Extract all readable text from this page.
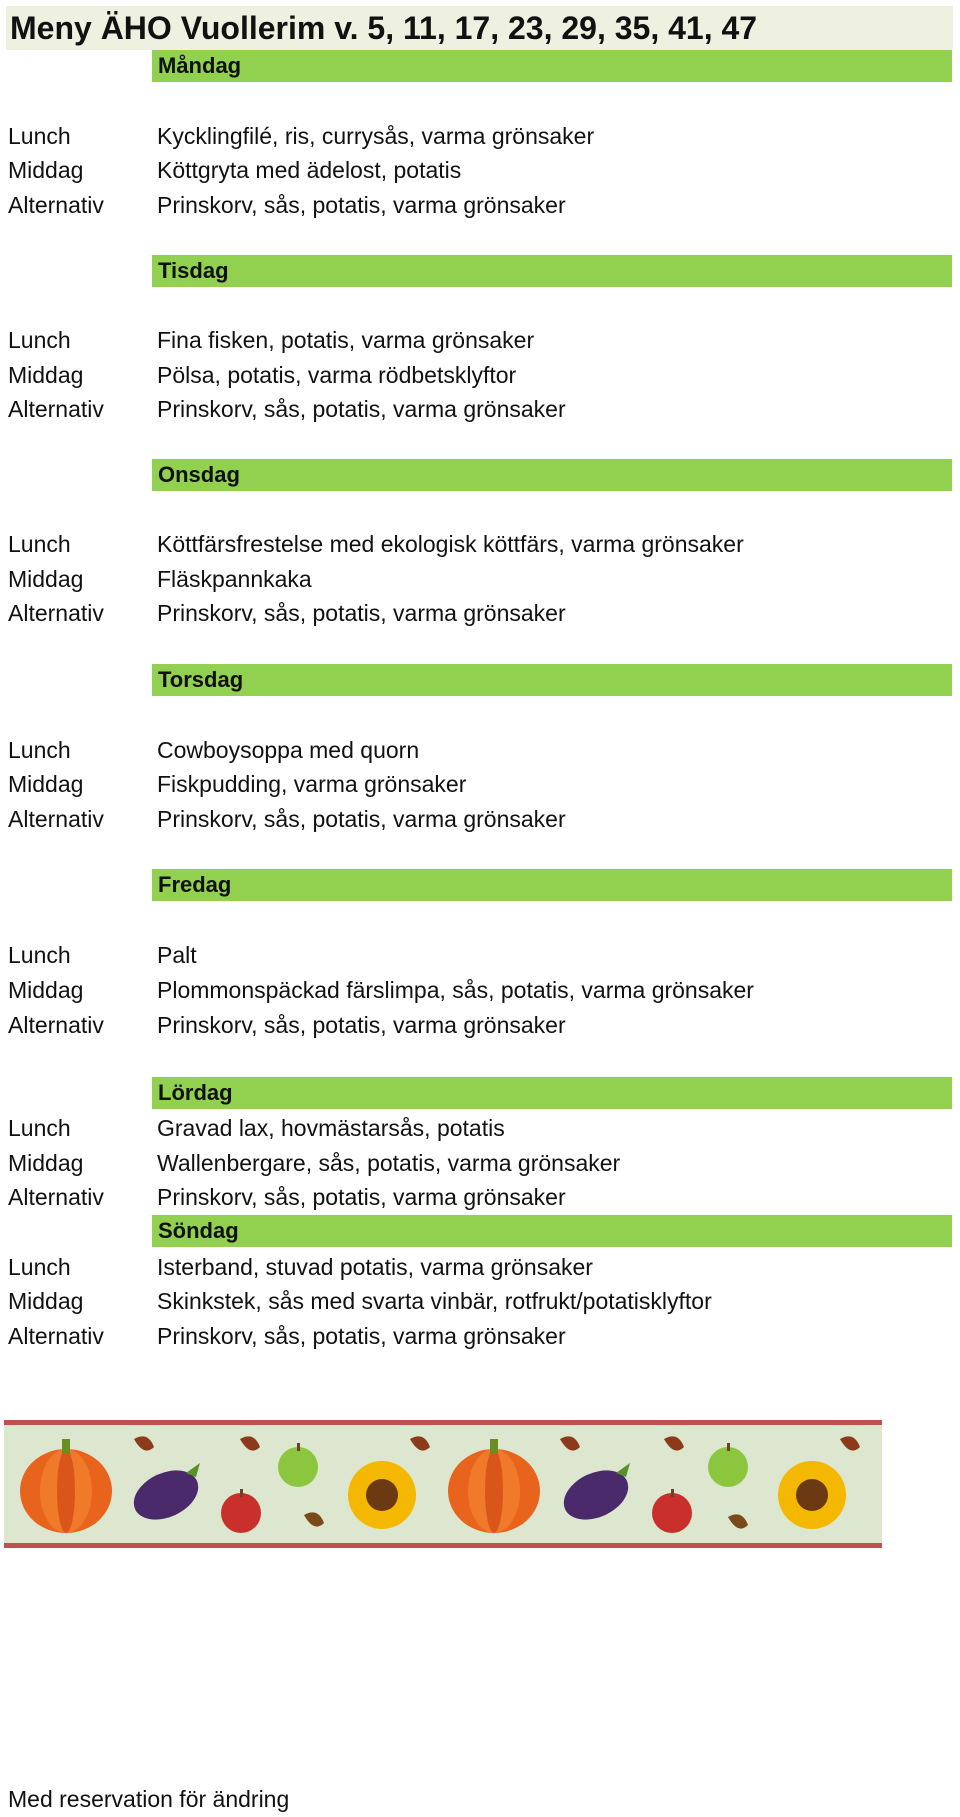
Meny ÄHO Vuollerim v. 5, 11, 17, 23, 29, 35, 41, 47
Måndag
Lunch	Kycklingfilé, ris, currysås, varma grönsaker
Middag	Köttgryta med ädelost, potatis
Alternativ Prinskorv, sås, potatis, varma grönsaker
Tisdag
Lunch	Fina fisken, potatis, varma grönsaker
Middag	Pölsa, potatis, varma rödbetsklyftor
Alternativ Prinskorv, sås, potatis, varma grönsaker
Onsdag
Lunch	Köttfärsfrestelse med ekologisk köttfärs, varma grönsaker
Middag	Fläskpannkaka
Alternativ Prinskorv, sås, potatis, varma grönsaker
Torsdag
Lunch	Cowboysoppa med quorn
Middag	Fiskpudding, varma grönsaker
Alternativ Prinskorv, sås, potatis, varma grönsaker
Fredag
Lunch	Palt
Middag	Plommonspäckad färslimpa, sås, potatis, varma grönsaker
Alternativ Prinskorv, sås, potatis, varma grönsaker
Lördag
Lunch	Gravad lax, hovmästarsås, potatis
Middag	Wallenbergare, sås, potatis, varma grönsaker
Alternativ Prinskorv, sås, potatis, varma grönsaker
Söndag
Lunch	Isterband, stuvad potatis, varma grönsaker
Middag	Skinkstek, sås med svarta vinbär, rotfrukt/potatisklyftor
Alternativ Prinskorv, sås, potatis, varma grönsaker
Med reservation för ändring
